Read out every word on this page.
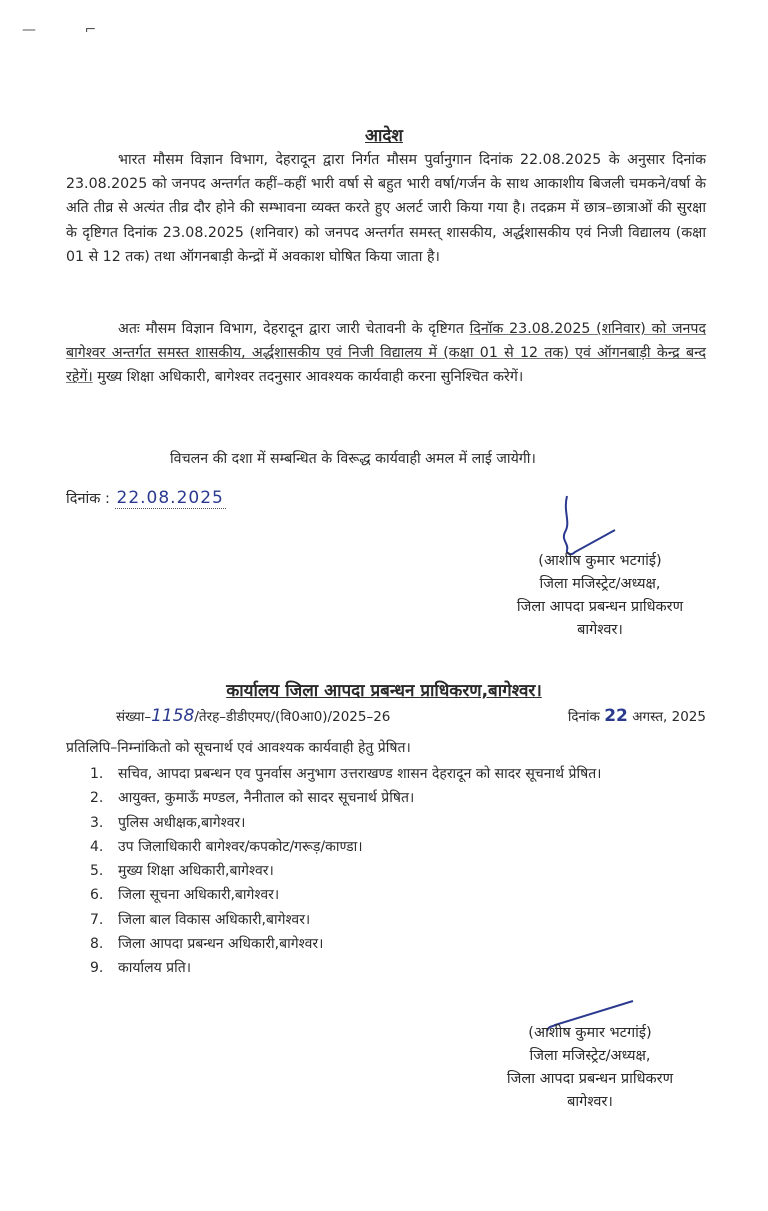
— ⌐
आदेश
भारत मौसम विज्ञान विभाग, देहरादून द्वारा निर्गत मौसम पुर्वानुगान दिनांक 22.08.2025 के अनुसार दिनांक 23.08.2025 को जनपद अन्तर्गत कहीं–कहीं भारी वर्षा से बहुत भारी वर्षा/गर्जन के साथ आकाशीय बिजली चमकने/वर्षा के अति तीव्र से अत्यंत तीव्र दौर होने की सम्भावना व्यक्त करते हुए अलर्ट जारी किया गया है। तदक्रम में छात्र–छात्राओं की सुरक्षा के दृष्टिगत दिनांक 23.08.2025 (शनिवार) को जनपद अन्तर्गत समस्त् शासकीय, अर्द्धशासकीय एवं निजी विद्यालय (कक्षा 01 से 12 तक) तथा ऑगनबाड़ी केन्द्रों में अवकाश घोषित किया जाता है।
अतः मौसम विज्ञान विभाग, देहरादून द्वारा जारी चेतावनी के दृष्टिगत दिनॉक 23.08.2025 (शनिवार) को जनपद बागेश्वर अन्तर्गत समस्त शासकीय, अर्द्धशासकीय एवं निजी विद्यालय में (कक्षा 01 से 12 तक) एवं ऑगनबाड़ी केन्द्र बन्द रहेगें। मुख्य शिक्षा अधिकारी, बागेश्वर तदनुसार आवश्यक कार्यवाही करना सुनिश्चित करेगें।
विचलन की दशा में सम्बन्धित के विरूद्ध कार्यवाही अमल में लाई जायेगी।
दिनांक : 22.08.2025
(आशीष कुमार भटगांई)
जिला मजिस्ट्रेट/अध्यक्ष,
जिला आपदा प्रबन्धन प्राधिकरण
बागेश्वर।
कार्यालय जिला आपदा प्रबन्धन प्राधिकरण,बागेश्वर।
संख्या–1158/तेरह–डीडीएमए/(वि0आ0)/2025–26	दिनांक 22 अगस्त, 2025
प्रतिलिपि–निम्नांकितो को सूचनार्थ एवं आवश्यक कार्यवाही हेतु प्रेषित।
1.	सचिव, आपदा प्रबन्धन एव पुनर्वास अनुभाग उत्तराखण्ड शासन देहरादून को सादर सूचनार्थ प्रेषित।
2.	आयुक्त, कुमाऊँ मण्डल, नैनीताल को सादर सूचनार्थ प्रेषित।
3.	पुलिस अधीक्षक,बागेश्वर।
4.	उप जिलाधिकारी बागेश्वर/कपकोट/गरूड़/काण्डा।
5.	मुख्य शिक्षा अधिकारी,बागेश्वर।
6.	जिला सूचना अधिकारी,बागेश्वर।
7.	जिला बाल विकास अधिकारी,बागेश्वर।
8.	जिला आपदा प्रबन्धन अधिकारी,बागेश्वर।
9.	कार्यालय प्रति।
(आशीष कुमार भटगांई)
जिला मजिस्ट्रेट/अध्यक्ष,
जिला आपदा प्रबन्धन प्राधिकरण
बागेश्वर।
